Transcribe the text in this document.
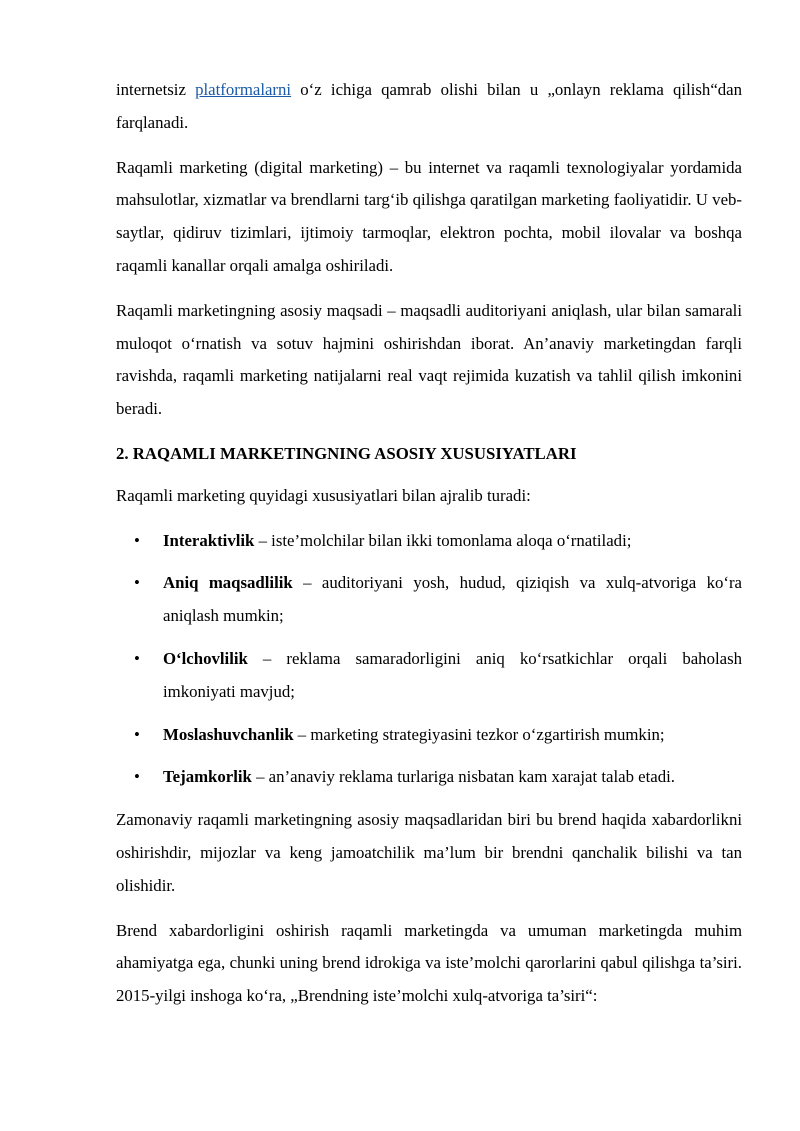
internetsiz platformalarni o‘z ichiga qamrab olishi bilan u „onlayn reklama qilish“dan farqlanadi.

Raqamli marketing (digital marketing) – bu internet va raqamli texnologiyalar yordamida mahsulotlar, xizmatlar va brendlarni targ‘ib qilishga qaratilgan marketing faoliyatidir. U veb-saytlar, qidiruv tizimlari, ijtimoiy tarmoqlar, elektron pochta, mobil ilovalar va boshqa raqamli kanallar orqali amalga oshiriladi.

Raqamli marketingning asosiy maqsadi – maqsadli auditoriyani aniqlash, ular bilan samarali muloqot o‘rnatish va sotuv hajmini oshirishdan iborat. An’anaviy marketingdan farqli ravishda, raqamli marketing natijalarni real vaqt rejimida kuzatish va tahlil qilish imkonini beradi.

2. RAQAMLI MARKETINGNING ASOSIY XUSUSIYATLARI

Raqamli marketing quyidagi xususiyatlari bilan ajralib turadi:

• Interaktivlik – iste’molchilar bilan ikki tomonlama aloqa o‘rnatiladi;
• Aniq maqsadlilik – auditoriyani yosh, hudud, qiziqish va xulq-atvoriga ko‘ra aniqlash mumkin;
• O‘lchovlilik – reklama samaradorligini aniq ko‘rsatkichlar orqali baholash imkoniyati mavjud;
• Moslashuvchanlik – marketing strategiyasini tezkor o‘zgartirish mumkin;
• Tejamkorlik – an’anaviy reklama turlariga nisbatan kam xarajat talab etadi.

Zamonaviy raqamli marketingning asosiy maqsadlaridan biri bu brend haqida xabardorlikni oshirishdir, mijozlar va keng jamoatchilik ma’lum bir brendni qanchalik bilishi va tan olishidir.

Brend xabardorligini oshirish raqamli marketingda va umuman marketingda muhim ahamiyatga ega, chunki uning brend idrokiga va iste’molchi qarorlarini qabul qilishga ta’siri. 2015-yilgi inshoga ko‘ra, „Brendning iste’molchi xulq-atvoriga ta’siri“:
